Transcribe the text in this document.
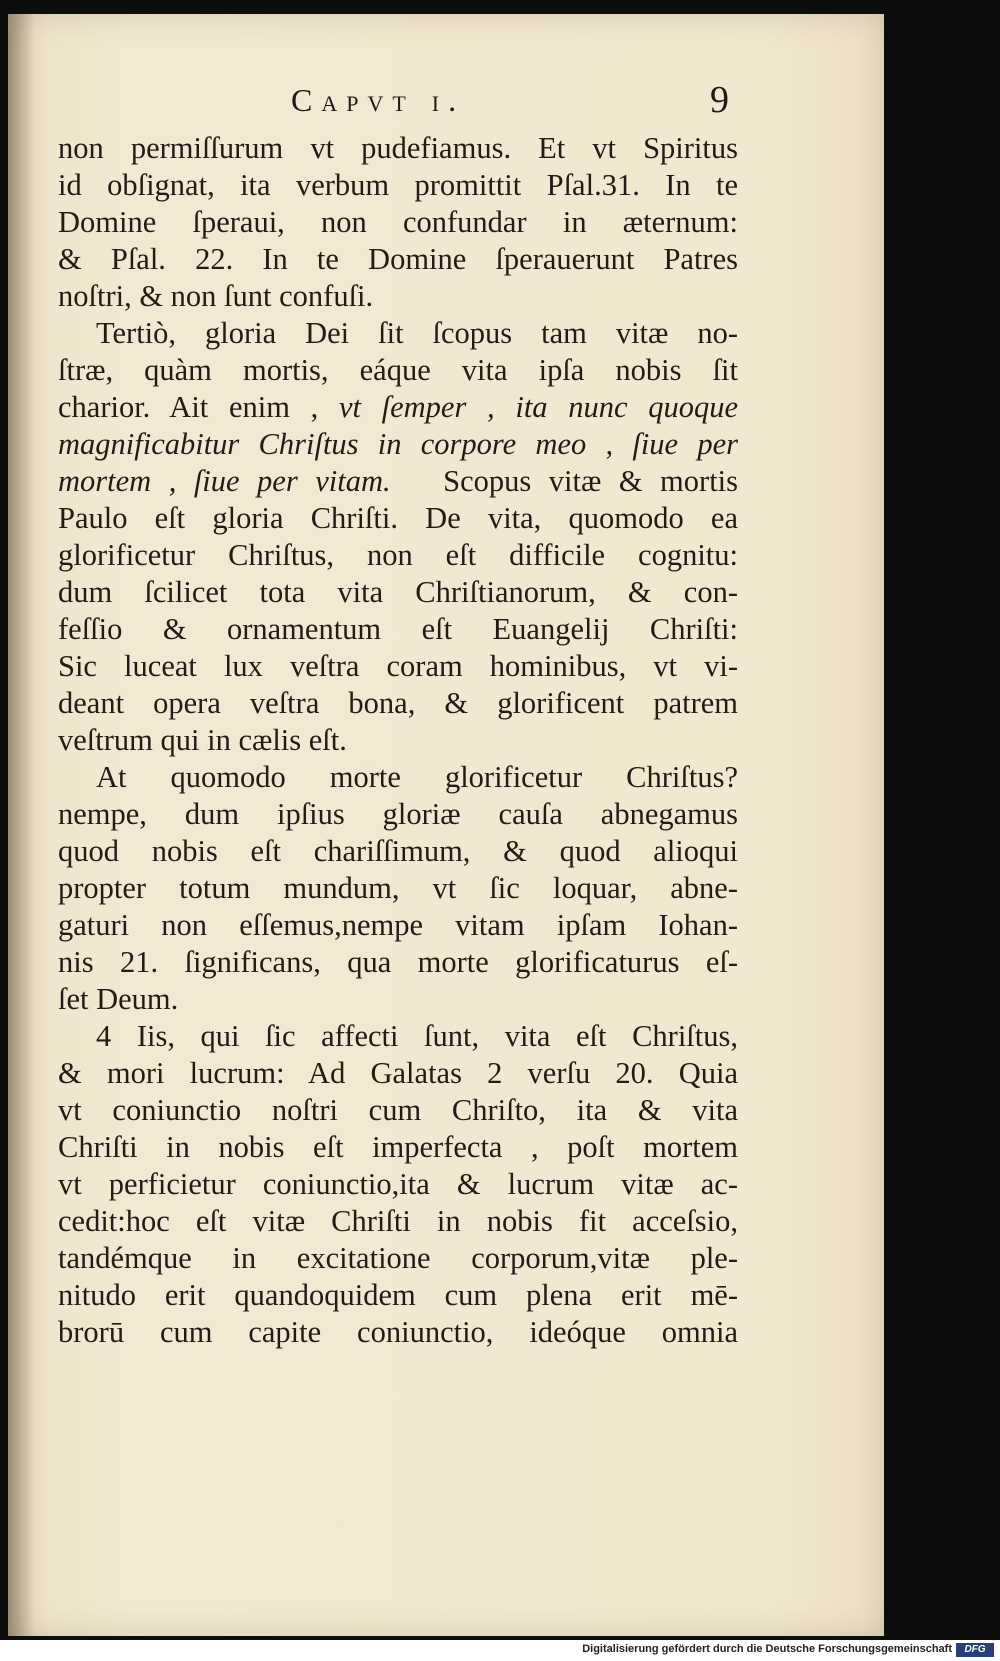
Capvt i.	9
non permiſſurum vt pudefiamus. Et vt Spiritus
id obſignat, ita verbum promittit Pſal.31. In te
Domine ſperaui, non confundar in æternum:
& Pſal. 22. In te Domine ſperauerunt Patres
noſtri, & non ſunt confuſi.
Tertiò, gloria Dei ſit ſcopus tam vitæ no-
ſtræ, quàm mortis, eáque vita ipſa nobis ſit
charior. Ait enim , vt ſemper , ita nunc quoque
magnificabitur Chriſtus in corpore meo , ſiue per
mortem , ſiue per vitam. Scopus vitæ & mortis
Paulo eſt gloria Chriſti. De vita, quomodo ea
glorificetur Chriſtus, non eſt difficile cognitu:
dum ſcilicet tota vita Chriſtianorum, & con-
feſſio & ornamentum eſt Euangelij Chriſti:
Sic luceat lux veſtra coram hominibus, vt vi-
deant opera veſtra bona, & glorificent patrem
veſtrum qui in cælis eſt.
At quomodo morte glorificetur Chriſtus?
nempe, dum ipſius gloriæ cauſa abnegamus
quod nobis eſt chariſſimum, & quod alioqui
propter totum mundum, vt ſic loquar, abne-
gaturi non eſſemus,nempe vitam ipſam Iohan-
nis 21. ſignificans, qua morte glorificaturus eſ-
ſet Deum.
4 Iis, qui ſic affecti ſunt, vita eſt Chriſtus,
& mori lucrum: Ad Galatas 2 verſu 20. Quia
vt coniunctio noſtri cum Chriſto, ita & vita
Chriſti in nobis eſt imperfecta , poſt mortem
vt perficietur coniunctio,ita & lucrum vitæ ac-
cedit:hoc eſt vitæ Chriſti in nobis fit acceſsio,
tandémque in excitatione corporum,vitæ ple-
nitudo erit quandoquidem cum plena erit mē-
brorū cum capite coniunctio, ideóque omnia
Digitalisierung gefördert durch die Deutsche Forschungsgemeinschaft	DFG
